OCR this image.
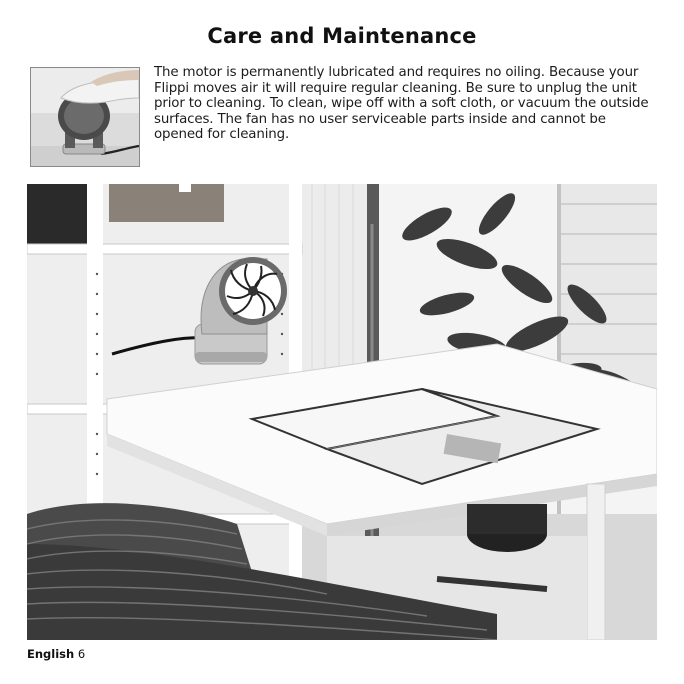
Care and Maintenance

The motor is permanently lubricated and requires no oiling. Because your Flippi moves air it will require regular cleaning. Be sure to unplug the unit prior to cleaning. To clean, wipe off with a soft cloth, or vacuum the outside surfaces. The fan has no user serviceable parts inside and cannot be opened for cleaning.

English 6
